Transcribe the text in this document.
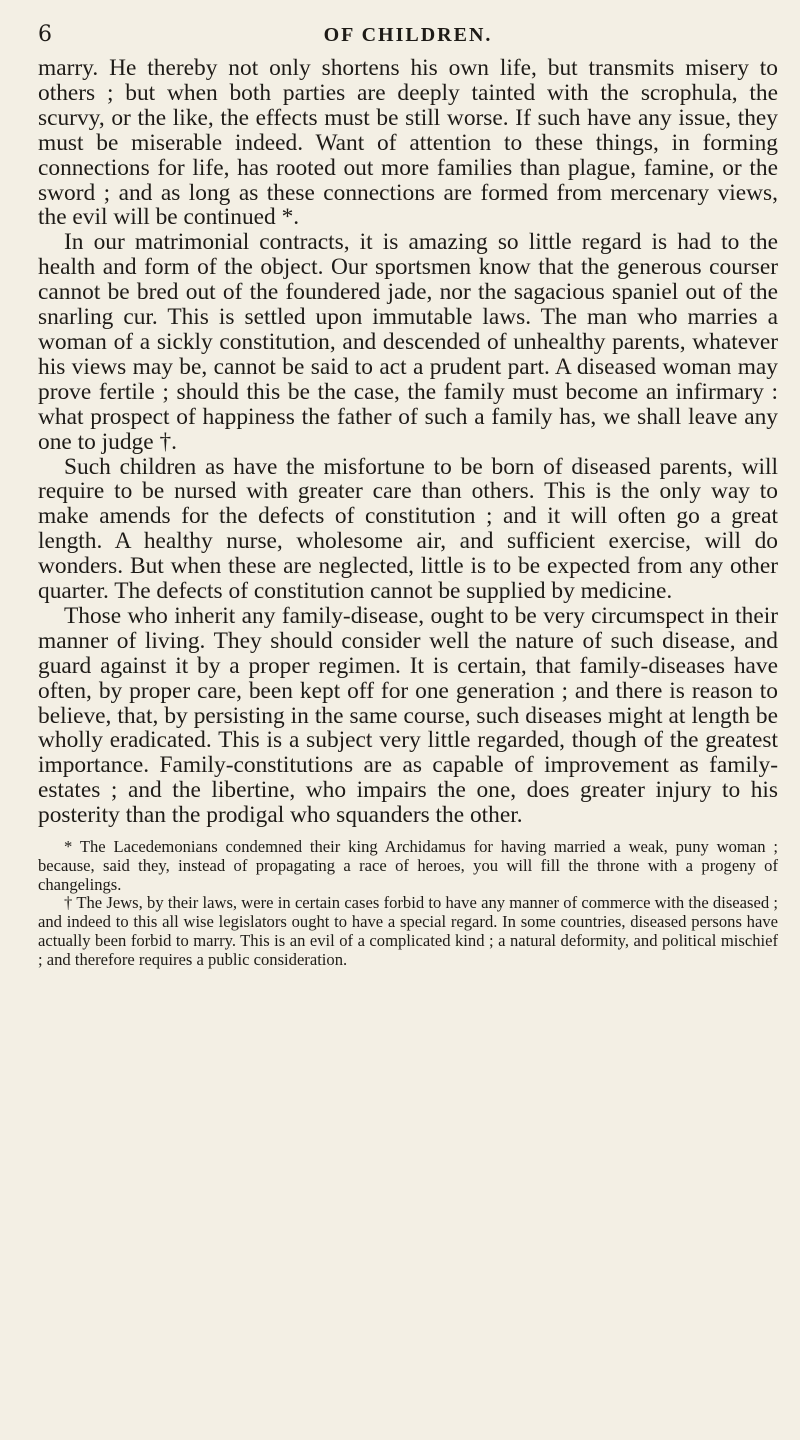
6	OF CHILDREN.

marry. He thereby not only shortens his own life, but transmits misery to others ; but when both parties are deeply tainted with the scrophula, the scurvy, or the like, the effects must be still worse. If such have any issue, they must be miserable indeed. Want of attention to these things, in forming connections for life, has rooted out more families than plague, famine, or the sword ; and as long as these connections are formed from mercenary views, the evil will be continued *.

In our matrimonial contracts, it is amazing so little regard is had to the health and form of the object. Our sportsmen know that the generous courser cannot be bred out of the foundered jade, nor the sagacious spaniel out of the snarling cur. This is settled upon immutable laws. The man who marries a woman of a sickly constitution, and descended of unhealthy parents, whatever his views may be, cannot be said to act a prudent part. A diseased woman may prove fertile ; should this be the case, the family must become an infirmary : what prospect of happiness the father of such a family has, we shall leave any one to judge †.

Such children as have the misfortune to be born of diseased parents, will require to be nursed with greater care than others. This is the only way to make amends for the defects of constitution ; and it will often go a great length. A healthy nurse, wholesome air, and sufficient exercise, will do wonders. But when these are neglected, little is to be expected from any other quarter. The defects of constitution cannot be supplied by medicine.

Those who inherit any family-disease, ought to be very circumspect in their manner of living. They should consider well the nature of such disease, and guard against it by a proper regimen. It is certain, that family-diseases have often, by proper care, been kept off for one generation ; and there is reason to believe, that, by persisting in the same course, such diseases might at length be wholly eradicated. This is a subject very little regarded, though of the greatest importance. Family-constitutions are as capable of improvement as family-estates ; and the libertine, who impairs the one, does greater injury to his posterity than the prodigal who squanders the other.

* The Lacedemonians condemned their king Archidamus for having married a weak, puny woman ; because, said they, instead of propagating a race of heroes, you will fill the throne with a progeny of changelings.

† The Jews, by their laws, were in certain cases forbid to have any manner of commerce with the diseased ; and indeed to this all wise legislators ought to have a special regard. In some countries, diseased persons have actually been forbid to marry. This is an evil of a complicated kind ; a natural deformity, and political mischief ; and therefore requires a public consideration.
